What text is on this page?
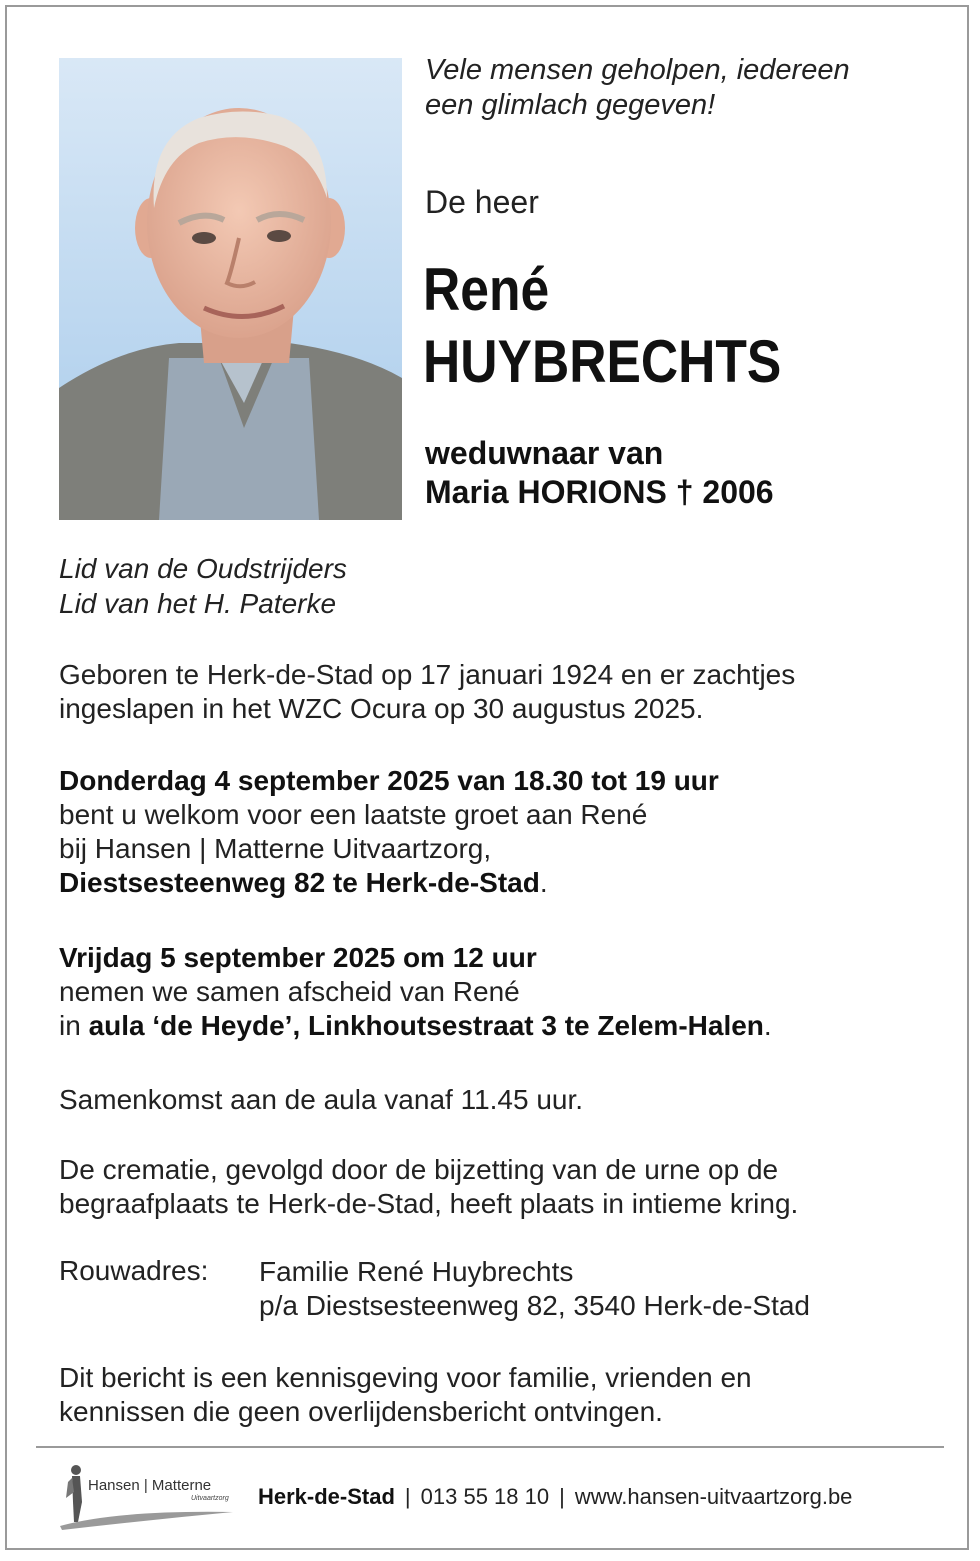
Vele mensen geholpen, iedereen
een glimlach gegeven!
De heer
René
HUYBRECHTS
weduwnaar van
Maria HORIONS † 2006
Lid van de Oudstrijders
Lid van het H. Paterke
Geboren te Herk-de-Stad op 17 januari 1924 en er zachtjes
ingeslapen in het WZC Ocura op 30 augustus 2025.
Donderdag 4 september 2025 van 18.30 tot 19 uur
bent u welkom voor een laatste groet aan René
bij Hansen | Matterne Uitvaartzorg,
Diestsesteenweg 82 te Herk-de-Stad.
Vrijdag 5 september 2025 om 12 uur
nemen we samen afscheid van René
in aula ‘de Heyde’, Linkhoutsestraat 3 te Zelem-Halen.
Samenkomst aan de aula vanaf 11.45 uur.
De crematie, gevolgd door de bijzetting van de urne op de
begraafplaats te Herk-de-Stad, heeft plaats in intieme kring.
Rouwadres: Familie René Huybrechts
p/a Diestsesteenweg 82, 3540 Herk-de-Stad
Dit bericht is een kennisgeving voor familie, vrienden en
kennissen die geen overlijdensbericht ontvingen.
Hansen | Matterne
Uitvaartzorg Herk-de-Stad | 013 55 18 10 | www.hansen-uitvaartzorg.be
